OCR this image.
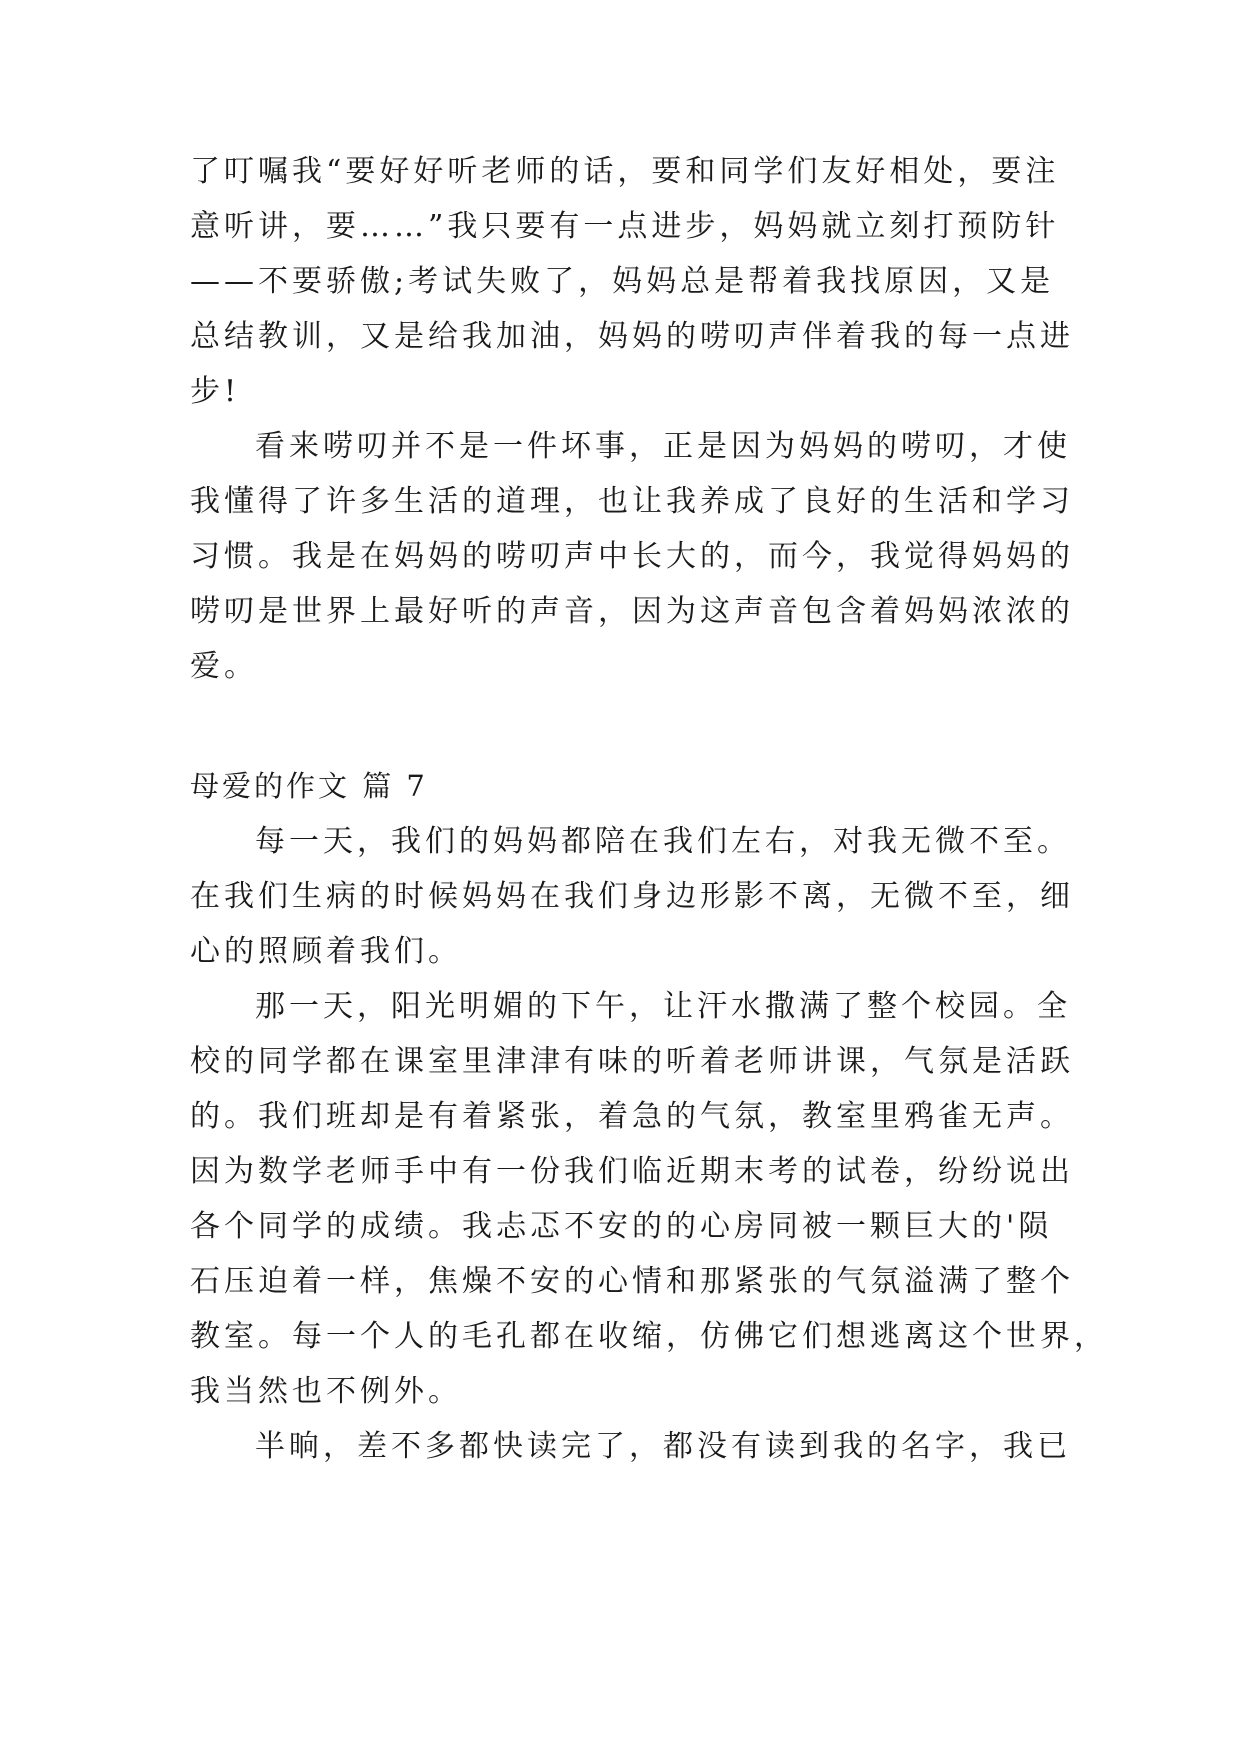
了叮嘱我“要好好听老师的话，要和同学们友好相处，要注
意听讲，要……”我只要有一点进步，妈妈就立刻打预防针
——不要骄傲;考试失败了，妈妈总是帮着我找原因，又是
总结教训，又是给我加油，妈妈的唠叨声伴着我的每一点进
步!
看来唠叨并不是一件坏事，正是因为妈妈的唠叨，才使
我懂得了许多生活的道理，也让我养成了良好的生活和学习
习惯。我是在妈妈的唠叨声中长大的，而今，我觉得妈妈的
唠叨是世界上最好听的声音，因为这声音包含着妈妈浓浓的
爱。
母爱的作文 篇 7
每一天，我们的妈妈都陪在我们左右，对我无微不至。
在我们生病的时候妈妈在我们身边形影不离，无微不至，细
心的照顾着我们。
那一天，阳光明媚的下午，让汗水撒满了整个校园。全
校的同学都在课室里津津有味的听着老师讲课，气氛是活跃
的。我们班却是有着紧张，着急的气氛，教室里鸦雀无声。
因为数学老师手中有一份我们临近期末考的试卷，纷纷说出
各个同学的成绩。我忐忑不安的的心房同被一颗巨大的'陨
石压迫着一样，焦燥不安的心情和那紧张的气氛溢满了整个
教室。每一个人的毛孔都在收缩，仿佛它们想逃离这个世界，
我当然也不例外。
半晌，差不多都快读完了，都没有读到我的名字，我已
